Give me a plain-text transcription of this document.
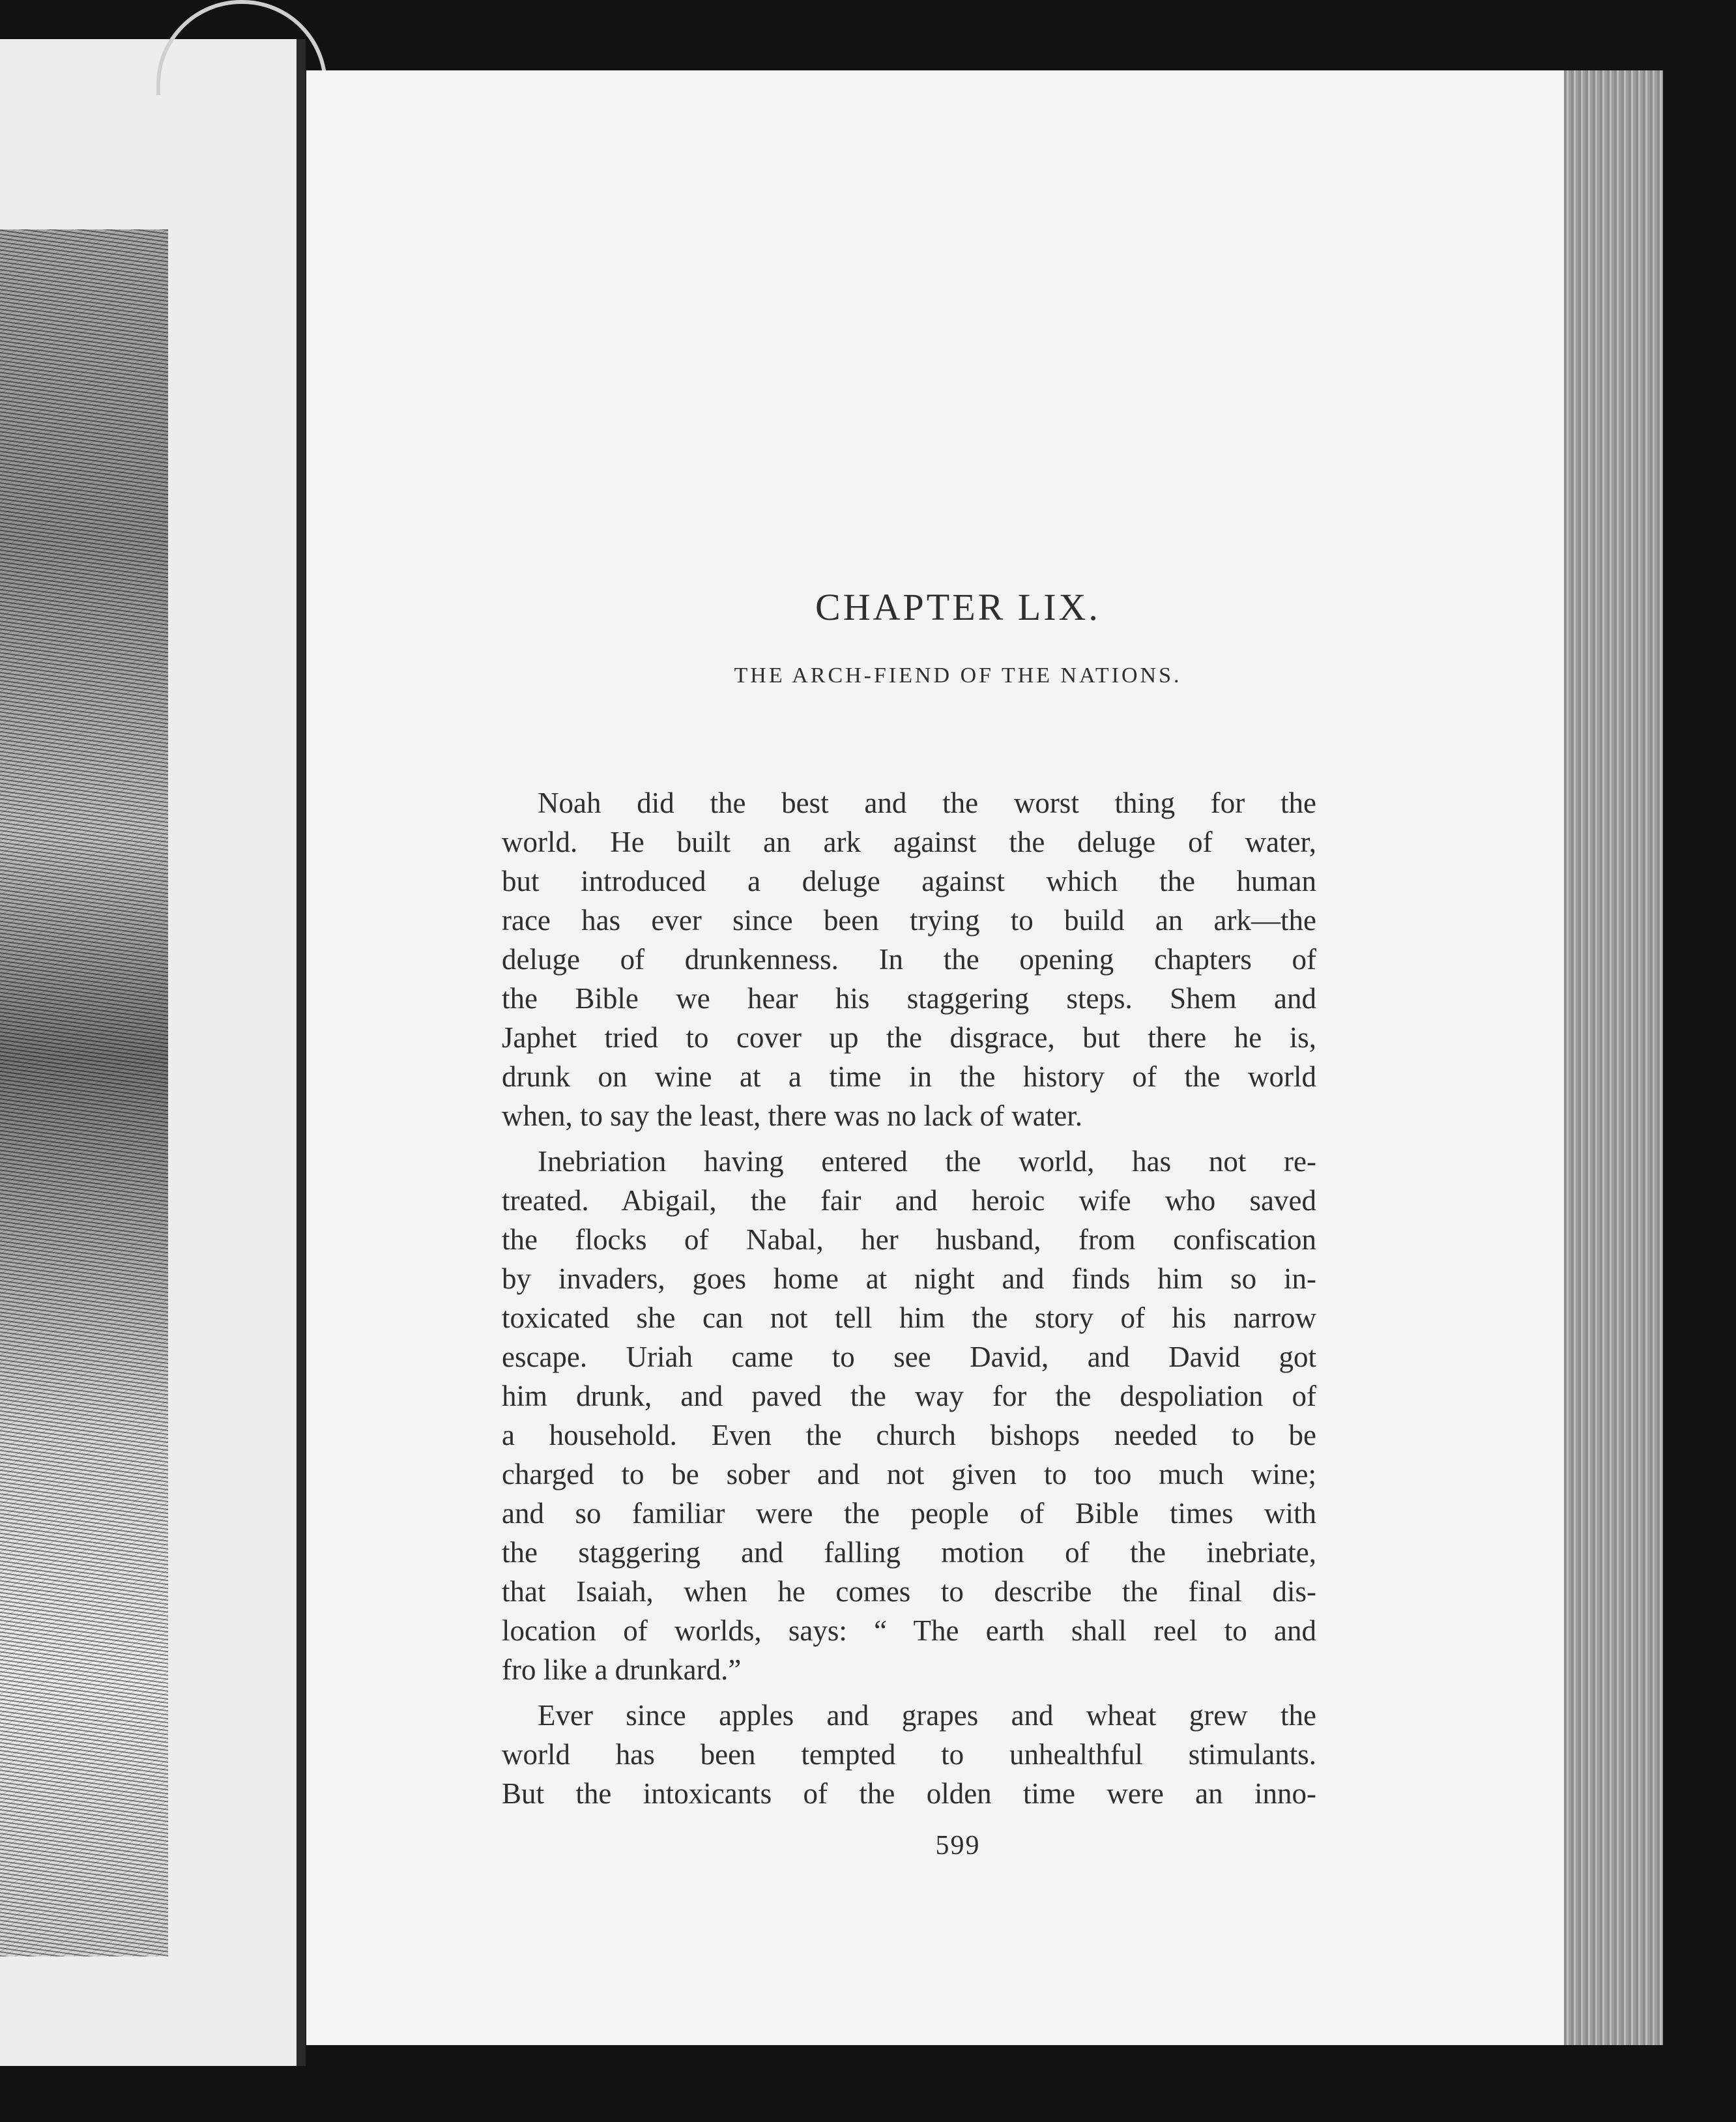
CHAPTER LIX.
THE ARCH-FIEND OF THE NATIONS.
Noah did the best and the worst thing for the
world. He built an ark against the deluge of water,
but introduced a deluge against which the human
race has ever since been trying to build an ark—the
deluge of drunkenness. In the opening chapters of
the Bible we hear his staggering steps. Shem and
Japhet tried to cover up the disgrace, but there he is,
drunk on wine at a time in the history of the world
when, to say the least, there was no lack of water.
Inebriation having entered the world, has not re-
treated. Abigail, the fair and heroic wife who saved
the flocks of Nabal, her husband, from confiscation
by invaders, goes home at night and finds him so in-
toxicated she can not tell him the story of his narrow
escape. Uriah came to see David, and David got
him drunk, and paved the way for the despoliation of
a household. Even the church bishops needed to be
charged to be sober and not given to too much wine;
and so familiar were the people of Bible times with
the staggering and falling motion of the inebriate,
that Isaiah, when he comes to describe the final dis-
location of worlds, says: “ The earth shall reel to and
fro like a drunkard.”
Ever since apples and grapes and wheat grew the
world has been tempted to unhealthful stimulants.
But the intoxicants of the olden time were an inno-
599
